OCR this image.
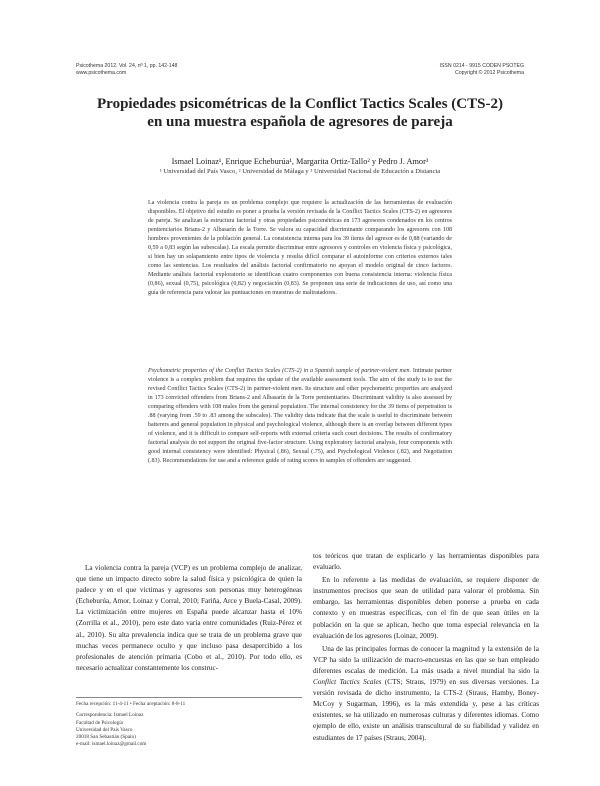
Psicothema 2012. Vol. 24, nº 1, pp. 142-148
www.psicothema.com
ISSN 0214 - 9915 CODEN PSOTEG
Copyright © 2012 Psicothema
Propiedades psicométricas de la Conflict Tactics Scales (CTS-2)
en una muestra española de agresores de pareja
Ismael Loinaz¹, Enrique Echeburúa¹, Margarita Ortiz-Tallo² y Pedro J. Amor³
¹ Universidad del País Vasco, ² Universidad de Málaga y ³ Universidad Nacional de Educación a Distancia
La violencia contra la pareja es un problema complejo que requiere la actualización de las herramientas de evaluación disponibles. El objetivo del estudio es poner a prueba la versión revisada de la Conflict Tactics Scales (CTS-2) en agresores de pareja. Se analizan la estructura factorial y otras propiedades psicométricas en 173 agresores condenados en los centros penitenciarios Brians-2 y Albasarín de la Torre. Se valora su capacidad discriminante comparando los agresores con 108 hombres provenientes de la población general. La consistencia interna para los 39 ítems del agresor es de 0,88 (variando de 0,59 a 0,83 según las subescalas). La escala permite discriminar entre agresores y controles en violencia física y psicológica, si bien hay un solapamiento entre tipos de violencia y resulta difícil comparar el autoinforme con criterios externos tales como las sentencias. Los resultados del análisis factorial confirmatorio no apoyan el modelo original de cinco factores. Mediante análisis factorial exploratorio se identifican cuatro componentes con buena consistencia interna: violencia física (0,86), sexual (0,75), psicológica (0,82) y negociación (0,83). Se proponen una serie de indicaciones de uso, así como una guía de referencia para valorar las puntuaciones en muestras de maltratadores.
Psychometric properties of the Conflict Tactics Scales (CTS-2) in a Spanish sample of partner-violent men. Intimate partner violence is a complex problem that requires the update of the available assessment tools. The aim of the study is to test the revised Conflict Tactics Scales (CTS-2) in partner-violent men. Its structure and other psychometric properties are analyzed in 173 convicted offenders from Brians-2 and Albasarín de la Torre penitentiaries. Discriminant validity is also assessed by comparing offenders with 108 males from the general population. The internal consistency for the 39 items of perpetration is .88 (varying from .59 to .83 among the subscales). The validity data indicate that the scale is useful to discriminate between batterers and general population in physical and psychological violence, although there is an overlap between different types of violence, and it is difficult to compare self-reports with external criteria such court decisions. The results of confirmatory factorial analysis do not support the original five-factor structure. Using exploratory factorial analysis, four components with good internal consistency were identified: Physical (.86), Sexual (.75), and Psychological Violence (.82), and Negotiation (.83). Recommendations for use and a reference guide of rating scores in samples of offenders are suggested.

La violencia contra la pareja (VCP) es un problema complejo de analizar, que tiene un impacto directo sobre la salud física y psicológica de quien la padece y en el que víctimas y agresores son personas muy heterogéneas (Echeburúa, Amor, Loinaz y Corral, 2010; Fariña, Arce y Buela-Casal, 2009). La victimización entre mujeres en España puede alcanzar hasta el 10% (Zorrilla et al., 2010), pero este dato varía entre comunidades (Ruiz-Pérez et al., 2010). Su alta prevalencia indica que se trata de un problema grave que muchas veces permanece oculto y que incluso pasa desapercibido a los profesionales de atención primaria (Cobo et al., 2010). Por todo ello, es necesario actualizar constantemente los construc-

Fecha recepción: 11-4-11 • Fecha aceptación: 8-8-11
Correspondencia: Ismael Loinaz
Facultad de Psicología
Universidad del País Vasco
20018 San Sebastián (Spain)
e-mail: ismael.loinaz@gmail.com

tos teóricos que tratan de explicarlo y las herramientas disponibles para evaluarlo.

En lo referente a las medidas de evaluación, se requiere disponer de instrumentos precisos que sean de utilidad para valorar el problema. Sin embargo, las herramientas disponibles deben ponerse a prueba en cada contexto y en muestras específicas, con el fin de que sean útiles en la población en la que se aplican, hecho que toma especial relevancia en la evaluación de los agresores (Loinaz, 2009).

Una de las principales formas de conocer la magnitud y la extensión de la VCP ha sido la utilización de macro-encuestas en las que se han empleado diferentes escalas de medición. La más usada a nivel mundial ha sido la Conflict Tactics Scales (CTS; Straus, 1979) en sus diversas versiones. La versión revisada de dicho instrumento, la CTS-2 (Straus, Hamby, Boney-McCoy y Sugarman, 1996), es la más extendida y, pese a las críticas existentes, se ha utilizado en numerosas culturas y diferentes idiomas. Como ejemplo de ello, existe un análisis transcultural de su fiabilidad y validez en estudiantes de 17 países (Straus, 2004).
